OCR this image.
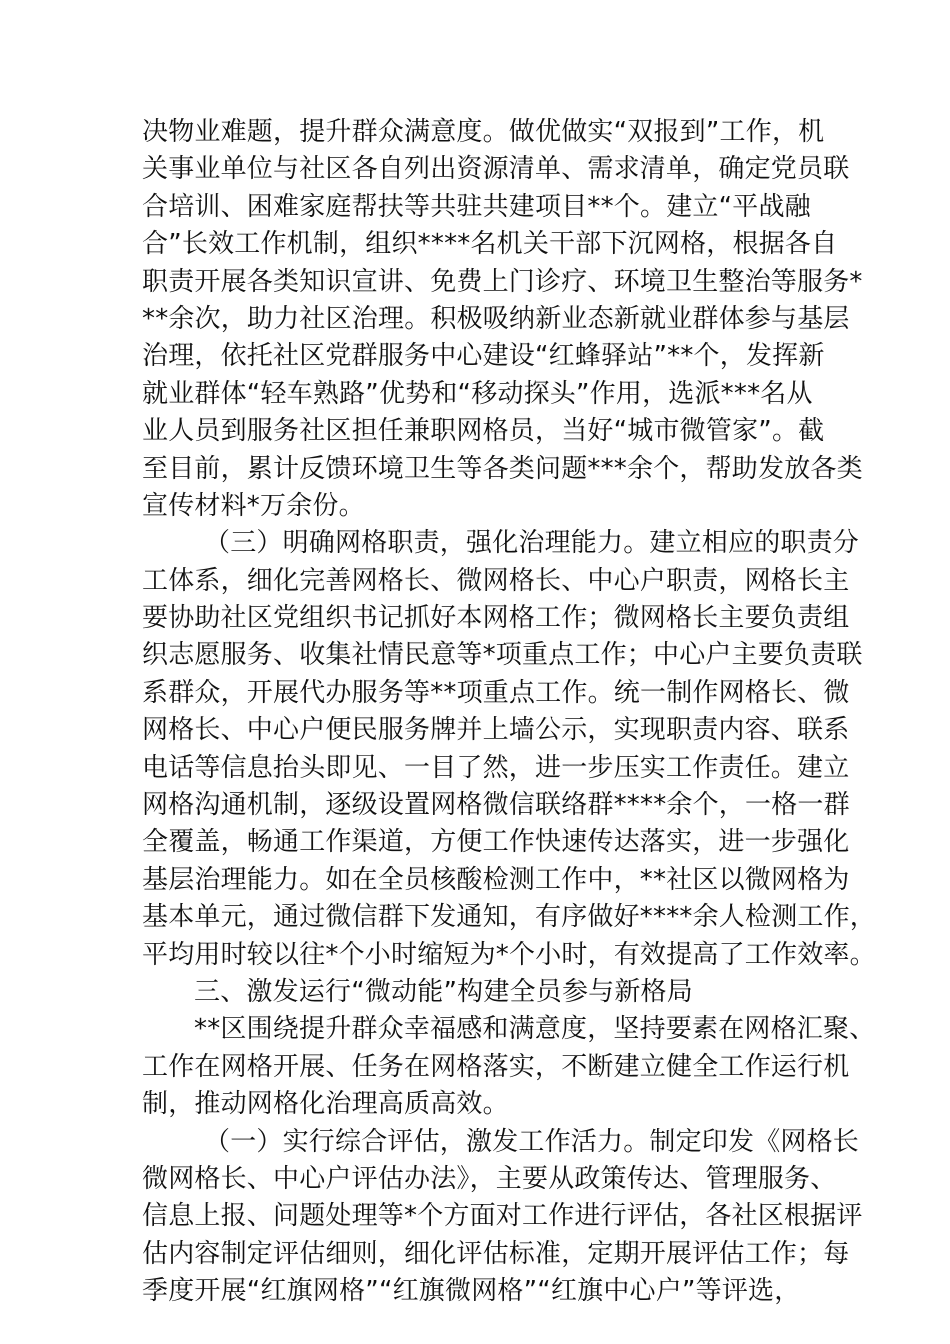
决物业难题，提升群众满意度。做优做实“双报到”工作，机
关事业单位与社区各自列出资源清单、需求清单，确定党员联
合培训、困难家庭帮扶等共驻共建项目**个。建立“平战融
合”长效工作机制，组织****名机关干部下沉网格，根据各自
职责开展各类知识宣讲、免费上门诊疗、环境卫生整治等服务*
**余次，助力社区治理。积极吸纳新业态新就业群体参与基层
治理，依托社区党群服务中心建设“红蜂驿站”**个，发挥新
就业群体“轻车熟路”优势和“移动探头”作用，选派***名从
业人员到服务社区担任兼职网格员，当好“城市微管家”。截
至目前，累计反馈环境卫生等各类问题***余个，帮助发放各类
宣传材料*万余份。
（三）明确网格职责，强化治理能力。建立相应的职责分
工体系，细化完善网格长、微网格长、中心户职责，网格长主
要协助社区党组织书记抓好本网格工作；微网格长主要负责组
织志愿服务、收集社情民意等*项重点工作；中心户主要负责联
系群众，开展代办服务等**项重点工作。统一制作网格长、微
网格长、中心户便民服务牌并上墙公示，实现职责内容、联系
电话等信息抬头即见、一目了然，进一步压实工作责任。建立
网格沟通机制，逐级设置网格微信联络群****余个，一格一群
全覆盖，畅通工作渠道，方便工作快速传达落实，进一步强化
基层治理能力。如在全员核酸检测工作中，**社区以微网格为
基本单元，通过微信群下发通知，有序做好****余人检测工作，
平均用时较以往*个小时缩短为*个小时，有效提高了工作效率。
三、激发运行“微动能”构建全员参与新格局
**区围绕提升群众幸福感和满意度，坚持要素在网格汇聚、
工作在网格开展、任务在网格落实，不断建立健全工作运行机
制，推动网格化治理高质高效。
（一）实行综合评估，激发工作活力。制定印发《网格长
微网格长、中心户评估办法》，主要从政策传达、管理服务、
信息上报、问题处理等*个方面对工作进行评估，各社区根据评
估内容制定评估细则，细化评估标准，定期开展评估工作；每
季度开展“红旗网格”“红旗微网格”“红旗中心户”等评选，
